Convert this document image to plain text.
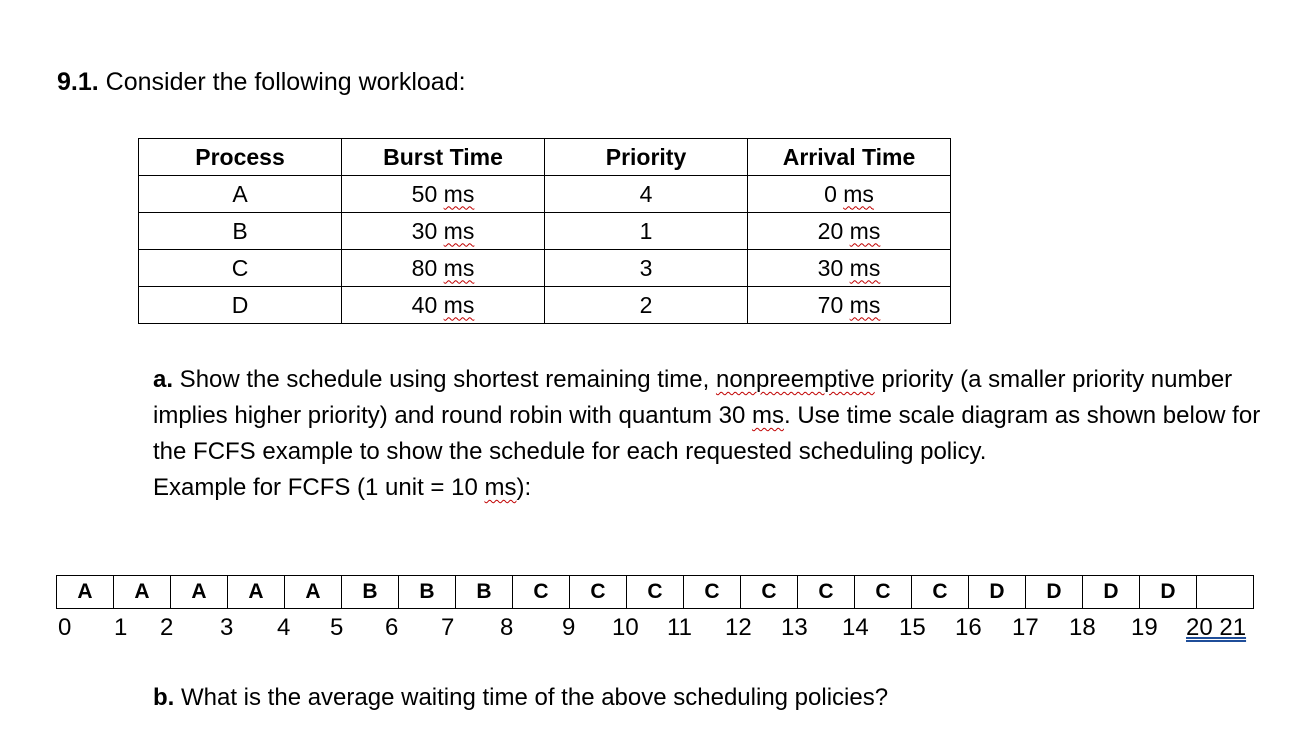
9.1. Consider the following workload:
Process	Burst Time	Priority	Arrival Time
A	50 ms	4	0 ms
B	30 ms	1	20 ms
C	80 ms	3	30 ms
D	40 ms	2	70 ms
a. Show the schedule using shortest remaining time, nonpreemptive priority (a smaller priority number implies higher priority) and round robin with quantum 30 ms. Use time scale diagram as shown below for the FCFS example to show the schedule for each requested scheduling policy.
Example for FCFS (1 unit = 10 ms):
A	A	A	A	A	B	B	B	C	C	C	C	C	C	C	C	D	D	D	D	
0 1 2 3 4 5 6 7 8 9 10 11 12 13 14 15 16 17 18 19 20 21
b. What is the average waiting time of the above scheduling policies?
